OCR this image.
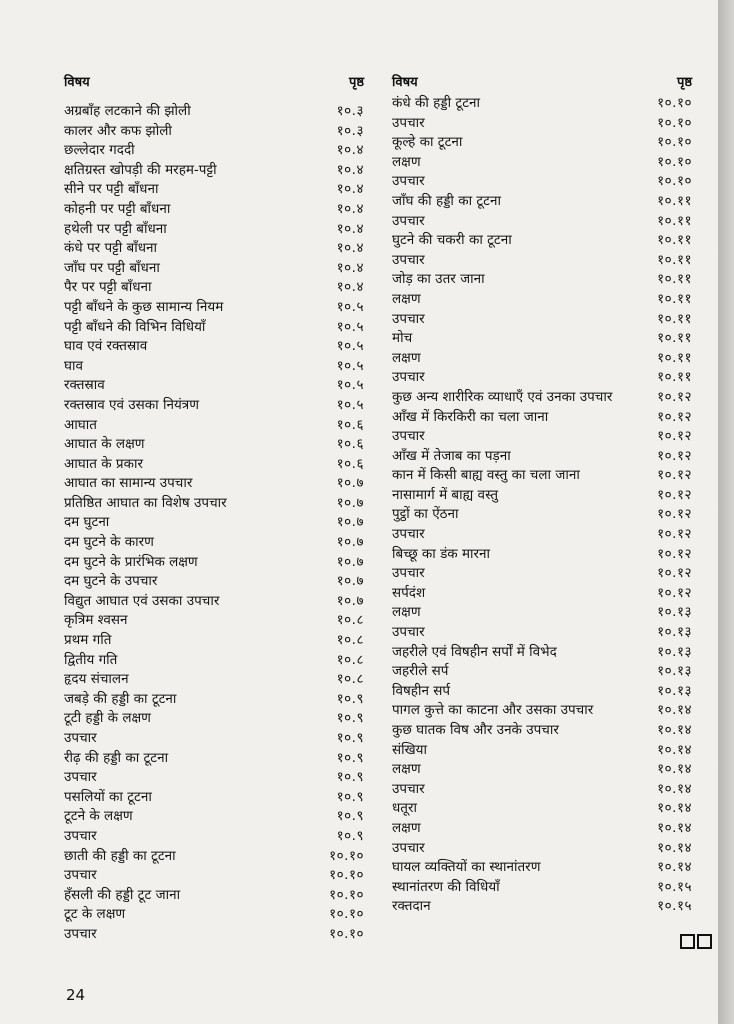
विषय	पृष्ठ
अग्रबाँह लटकाने की झोली	१०.३
कालर और कफ झोली	१०.३
छल्लेदार गददी	१०.४
क्षतिग्रस्त खोपड़ी की मरहम-पट्टी	१०.४
सीने पर पट्टी बाँधना	१०.४
कोहनी पर पट्टी बाँधना	१०.४
हथेली पर पट्टी बाँधना	१०.४
कंधे पर पट्टी बाँधना	१०.४
जाँघ पर पट्टी बाँधना	१०.४
पैर पर पट्टी बाँधना	१०.४
पट्टी बाँधने के कुछ सामान्य नियम	१०.५
पट्टी बाँधने की विभिन विधियाँ	१०.५
घाव एवं रक्तस्राव	१०.५
घाव	१०.५
रक्तस्राव	१०.५
रक्तस्राव एवं उसका नियंत्रण	१०.५
आघात	१०.६
आघात के लक्षण	१०.६
आघात के प्रकार	१०.६
आघात का सामान्य उपचार	१०.७
प्रतिष्ठित आघात का विशेष उपचार	१०.७
दम घुटना	१०.७
दम घुटने के कारण	१०.७
दम घुटने के प्रारंभिक लक्षण	१०.७
दम घुटने के उपचार	१०.७
विद्युत आघात एवं उसका उपचार	१०.७
कृत्रिम श्‍वसन	१०.८
प्रथम गति	१०.८
द्वितीय गति	१०.८
हृदय संचालन	१०.८
जबड़े की हड्डी का टूटना	१०.९
टूटी हड्डी के लक्षण	१०.९
उपचार	१०.९
रीढ़ की हड्डी का टूटना	१०.९
उपचार	१०.९
पसलियों का टूटना	१०.९
टूटने के लक्षण	१०.९
उपचार	१०.९
छाती की हड्डी का टूटना	१०.१०
उपचार	१०.१०
हँसली की हड्डी टूट जाना	१०.१०
टूट के लक्षण	१०.१०
उपचार	१०.१०
विषय	पृष्ठ
कंधे की हड्डी टूटना	१०.१०
उपचार	१०.१०
कूल्हे का टूटना	१०.१०
लक्षण	१०.१०
उपचार	१०.१०
जाँघ की हड्डी का टूटना	१०.११
उपचार	१०.११
घुटने की चकरी का टूटना	१०.११
उपचार	१०.११
जोड़ का उतर जाना	१०.११
लक्षण	१०.११
उपचार	१०.११
मोच	१०.११
लक्षण	१०.११
उपचार	१०.११
कुछ अन्य शारीरिक व्याधाएँ एवं उनका उपचार	१०.१२
आँख में किरकिरी का चला जाना	१०.१२
उपचार	१०.१२
आँख में तेजाब का पड़ना	१०.१२
कान में किसी बाह्य वस्तु का चला जाना	१०.१२
नासामार्ग में बाह्य वस्तु	१०.१२
पुट्ठों का ऐंठना	१०.१२
उपचार	१०.१२
बिच्छू का डंक मारना	१०.१२
उपचार	१०.१२
सर्पदंश	१०.१२
लक्षण	१०.१३
उपचार	१०.१३
जहरीले एवं विषहीन सर्पों में विभेद	१०.१३
जहरीले सर्प	१०.१३
विषहीन सर्प	१०.१३
पागल कुत्ते का काटना और उसका उपचार	१०.१४
कुछ घातक विष और उनके उपचार	१०.१४
संखिया	१०.१४
लक्षण	१०.१४
उपचार	१०.१४
धतूरा	१०.१४
लक्षण	१०.१४
उपचार	१०.१४
घायल व्यक्तियों का स्थानांतरण	१०.१४
स्थानांतरण की विधियाँ	१०.१५
रक्तदान	१०.१५
24
